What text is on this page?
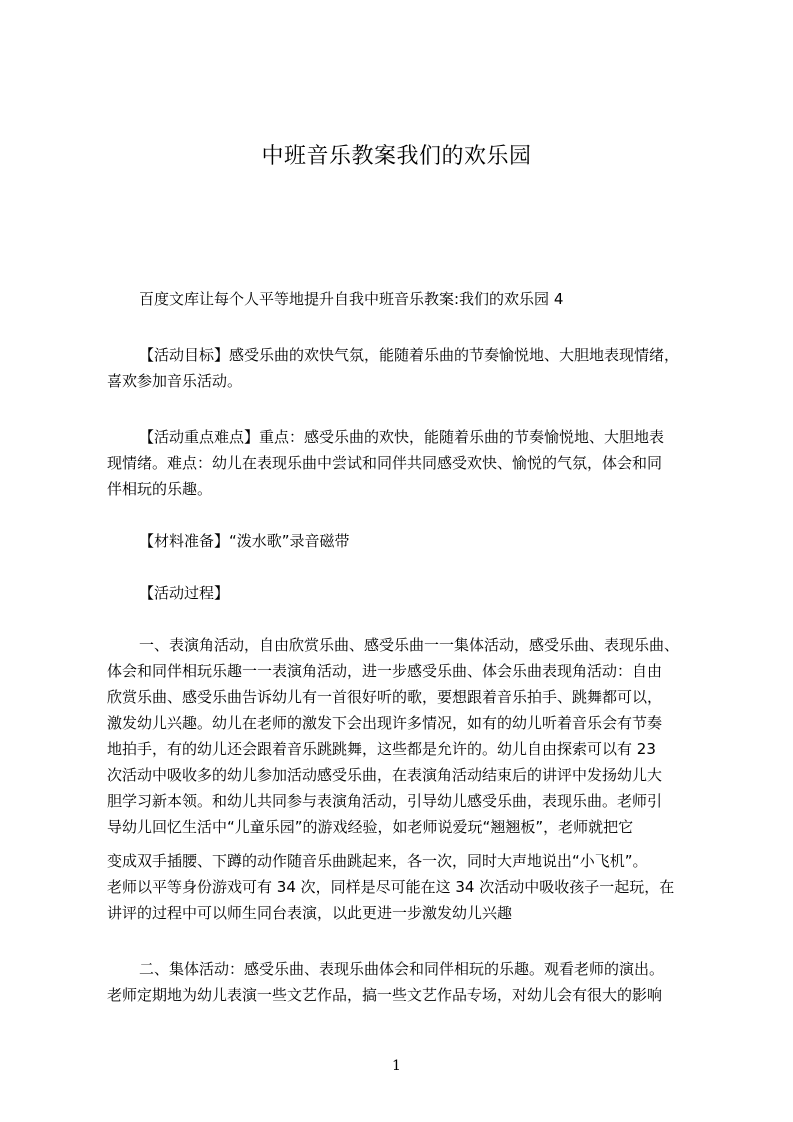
中班音乐教案我们的欢乐园
百度文库让每个人平等地提升自我中班音乐教案:我们的欢乐园 4
【活动目标】感受乐曲的欢快气氛，能随着乐曲的节奏愉悦地、大胆地表现情绪，
喜欢参加音乐活动。
【活动重点难点】重点：感受乐曲的欢快，能随着乐曲的节奏愉悦地、大胆地表
现情绪。难点：幼儿在表现乐曲中尝试和同伴共同感受欢快、愉悦的气氛，体会和同
伴相玩的乐趣。
【材料准备】“泼水歌”录音磁带
【活动过程】
一、表演角活动，自由欣赏乐曲、感受乐曲一一集体活动，感受乐曲、表现乐曲、
体会和同伴相玩乐趣一一表演角活动，进一步感受乐曲、体会乐曲表现角活动：自由
欣赏乐曲、感受乐曲告诉幼儿有一首很好听的歌，要想跟着音乐拍手、跳舞都可以，
激发幼儿兴趣。幼儿在老师的激发下会出现许多情况，如有的幼儿听着音乐会有节奏
地拍手，有的幼儿还会跟着音乐跳跳舞，这些都是允许的。幼儿自由探索可以有 23
次活动中吸收多的幼儿参加活动感受乐曲，在表演角活动结束后的讲评中发扬幼儿大
胆学习新本领。和幼儿共同参与表演角活动，引导幼儿感受乐曲，表现乐曲。老师引
导幼儿回忆生活中“儿童乐园”的游戏经验，如老师说爱玩“翘翘板”，老师就把它
变成双手插腰、下蹲的动作随音乐曲跳起来，各一次，同时大声地说出“小飞机”。
老师以平等身份游戏可有 34 次，同样是尽可能在这 34 次活动中吸收孩子一起玩，在
讲评的过程中可以师生同台表演，以此更进一步激发幼儿兴趣
二、集体活动：感受乐曲、表现乐曲体会和同伴相玩的乐趣。观看老师的演出。
老师定期地为幼儿表演一些文艺作品，搞一些文艺作品专场，对幼儿会有很大的影响
1
